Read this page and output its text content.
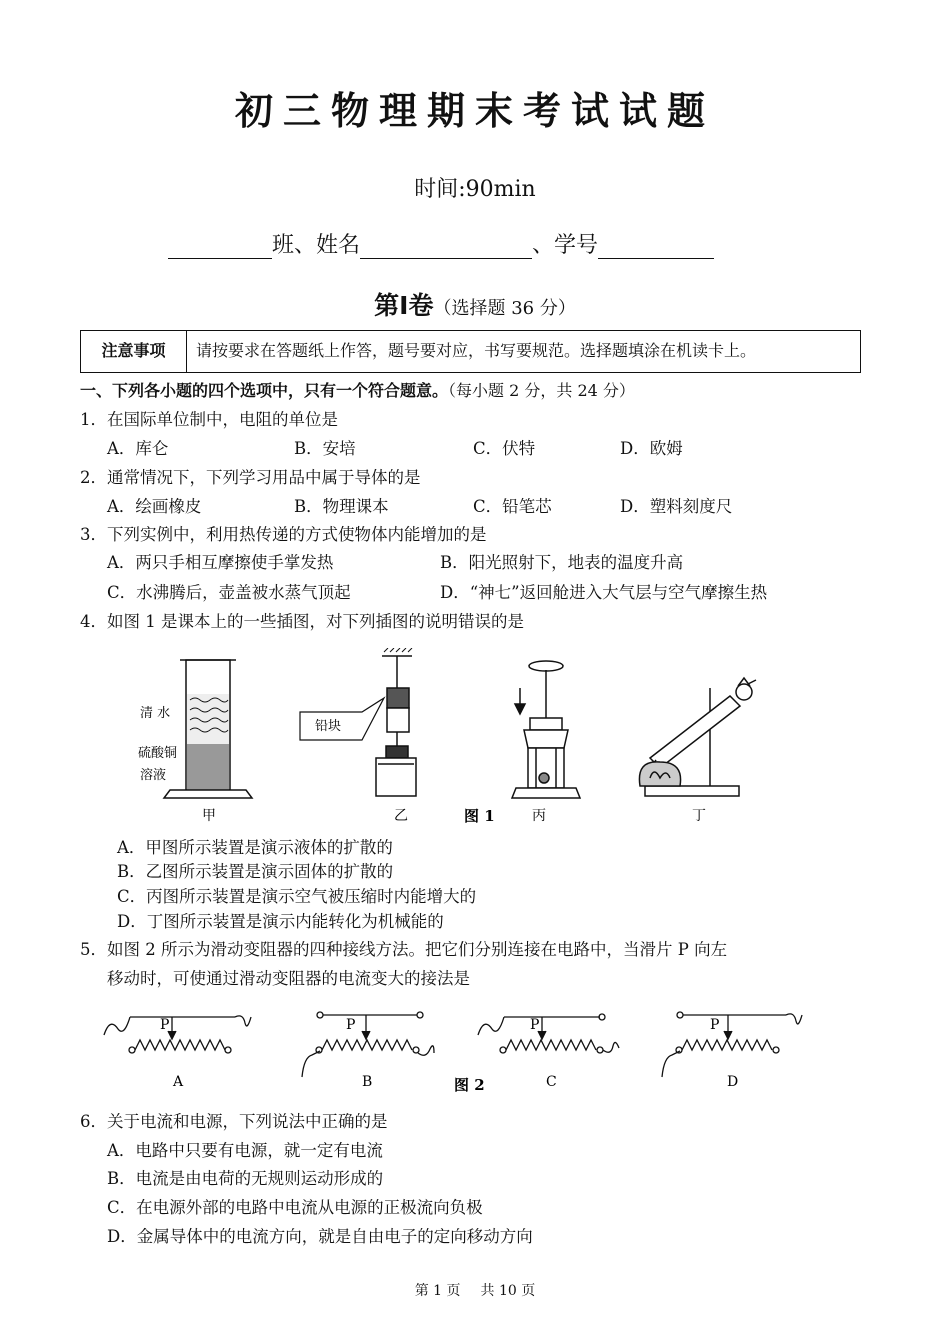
初三物理期末考试试题
时间:90min
班、姓名	、学号
第Ⅰ卷（选择题 36 分）
注意事项	请按要求在答题纸上作答，题号要对应，书写要规范。选择题填涂在机读卡上。
一、下列各小题的四个选项中，只有一个符合题意。（每小题 2 分，共 24 分）
1．在国际单位制中，电阻的单位是
A．库仑	B．安培	C．伏特	D．欧姆
2．通常情况下，下列学习用品中属于导体的是
A．绘画橡皮	B．物理课本	C．铅笔芯	D．塑料刻度尺
3．下列实例中，利用热传递的方式使物体内能增加的是
A．两只手相互摩擦使手掌发热	B．阳光照射下，地表的温度升高
C．水沸腾后，壶盖被水蒸气顶起	D．“神七”返回舱进入大气层与空气摩擦生热
4．如图 1 是课本上的一些插图，对下列插图的说明错误的是
清 水
硫酸铜
溶液
甲
铅块
乙	图 1	丙	丁
A．甲图所示装置是演示液体的扩散的
B．乙图所示装置是演示固体的扩散的
C．丙图所示装置是演示空气被压缩时内能增大的
D．丁图所示装置是演示内能转化为机械能的
5．如图 2 所示为滑动变阻器的四种接线方法。把它们分别连接在电路中，当滑片 P 向左
移动时，可使通过滑动变阻器的电流变大的接法是
P
A
P
B	图 2
P
C
P
D
6．关于电流和电源，下列说法中正确的是
A．电路中只要有电源，就一定有电流
B．电流是由电荷的无规则运动形成的
C．在电源外部的电路中电流从电源的正极流向负极
D．金属导体中的电流方向，就是自由电子的定向移动方向
第 1 页 共 10 页
